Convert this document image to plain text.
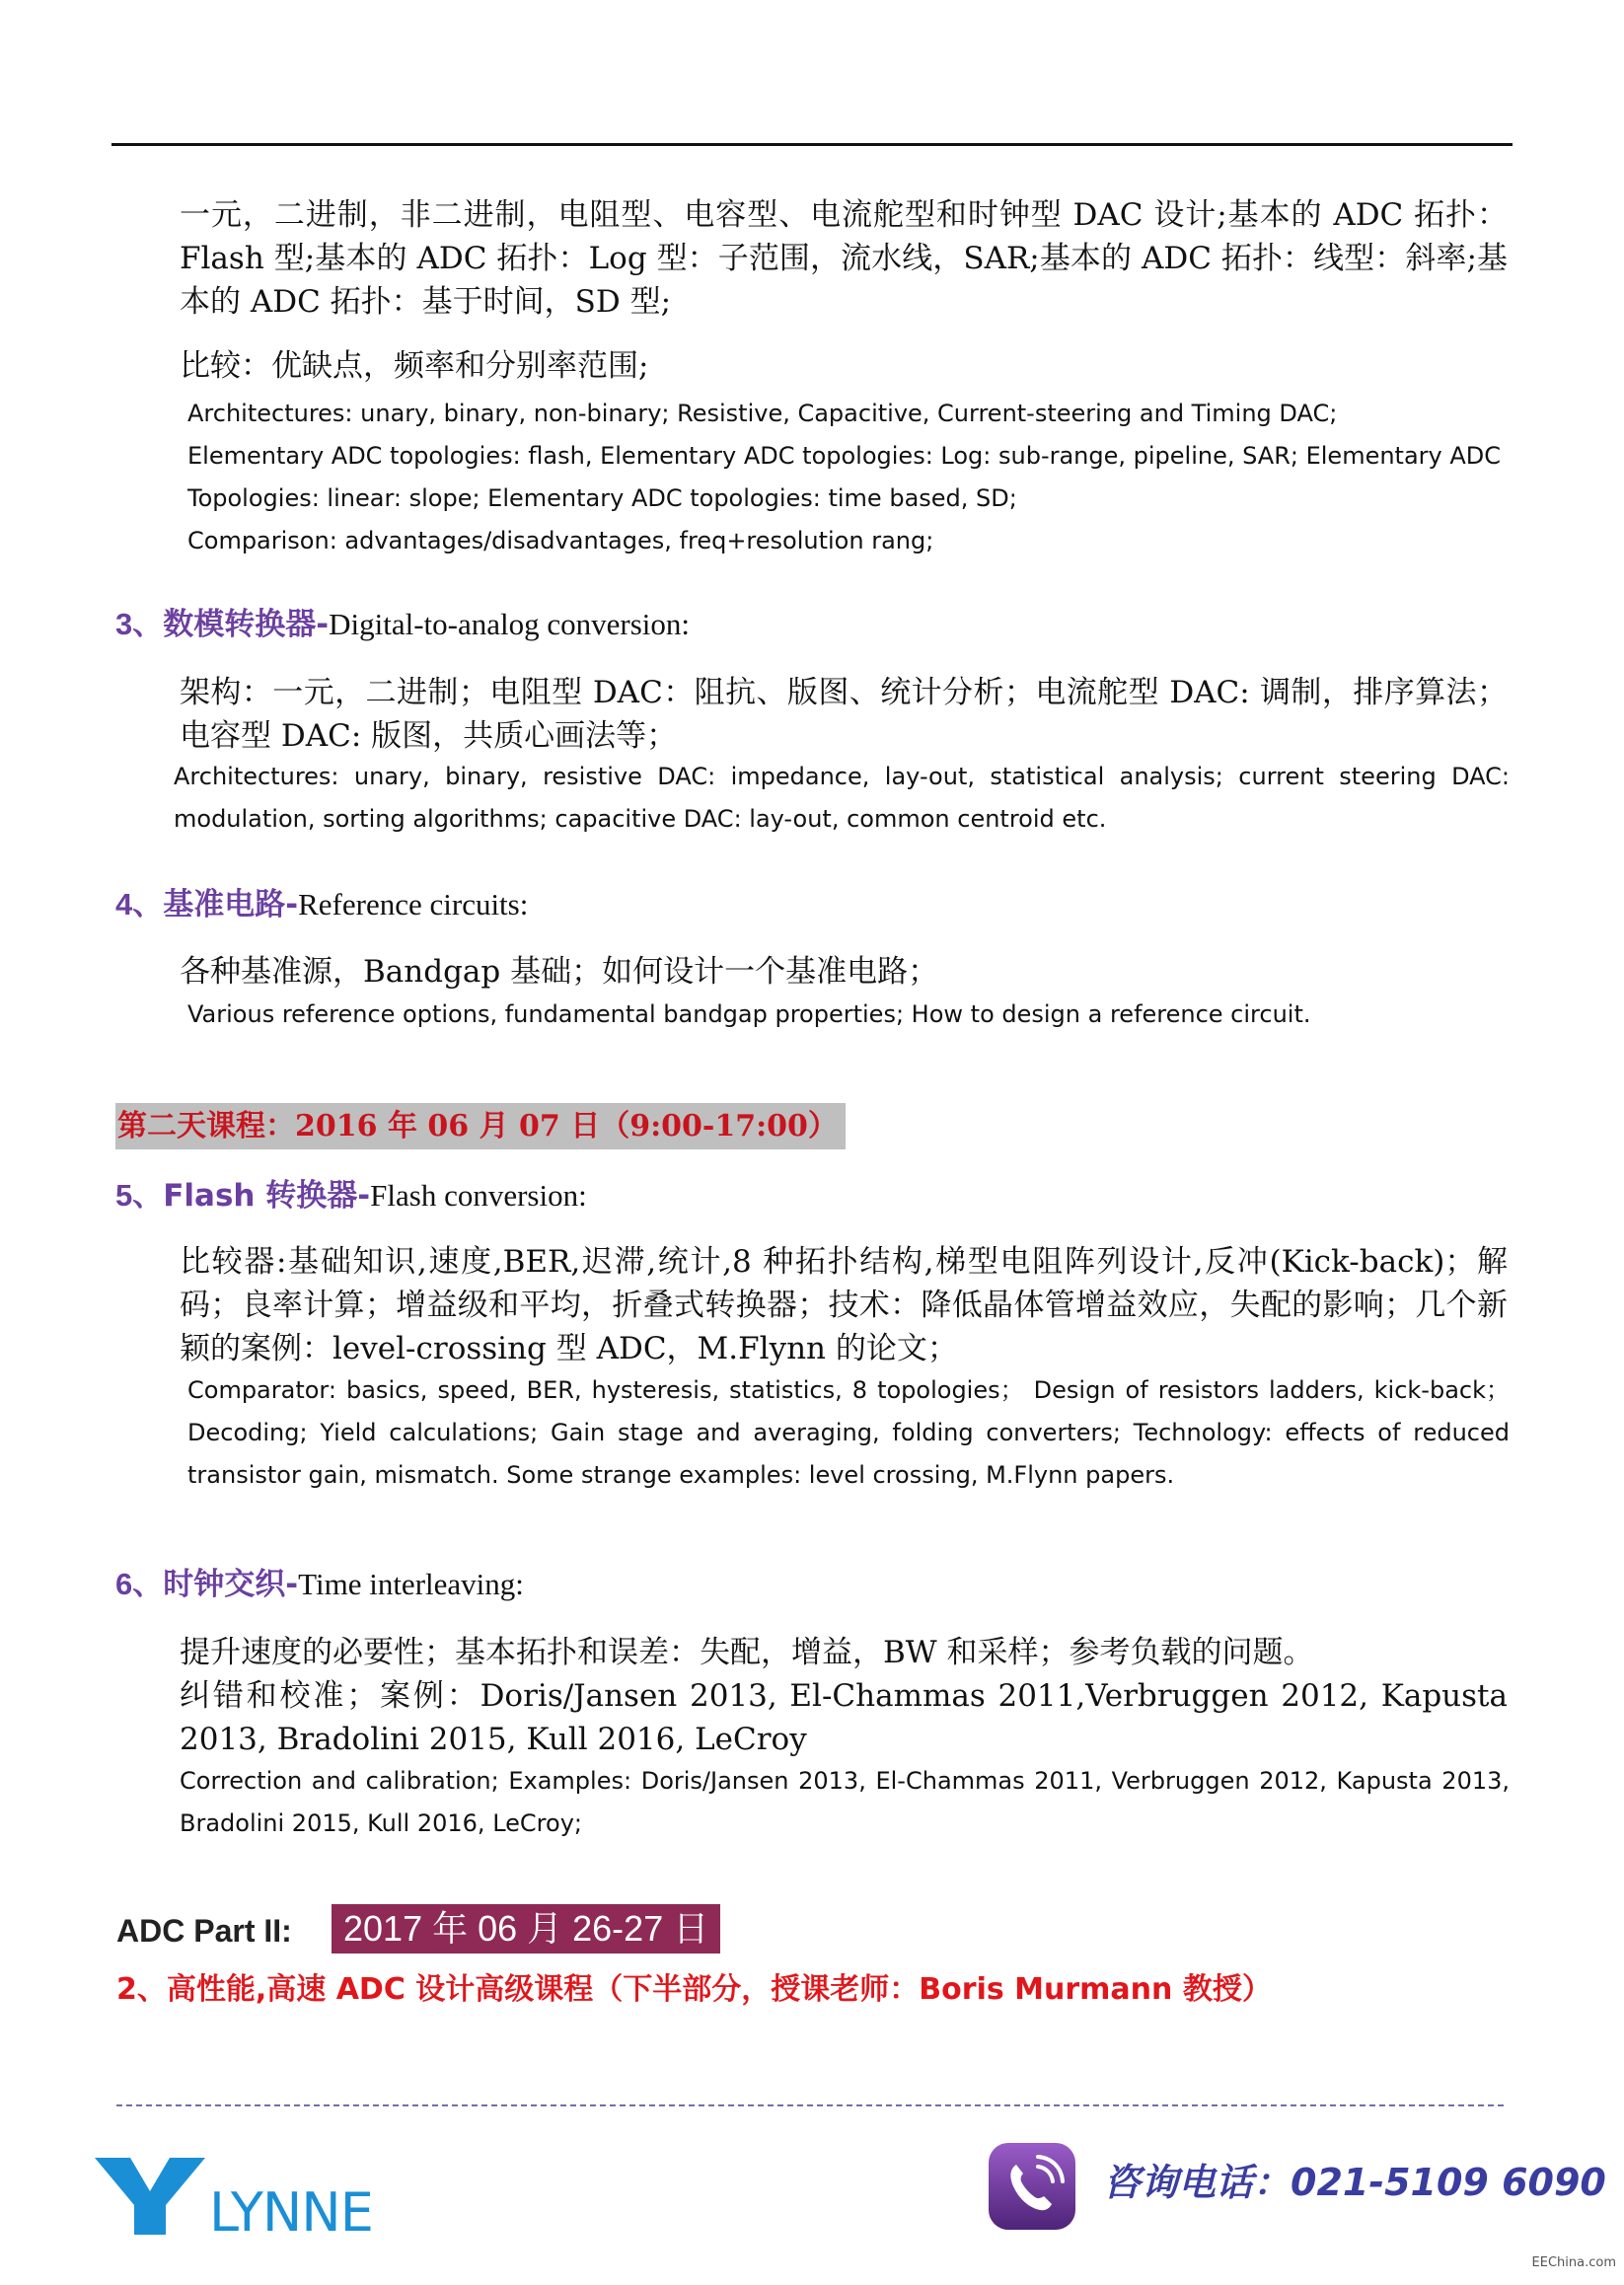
一元，二进制，非二进制，电阻型、电容型、电流舵型和时钟型 DAC 设计;基本的 ADC 拓扑：Flash 型;基本的 ADC 拓扑：Log 型：子范围，流水线，SAR;基本的 ADC 拓扑：线型：斜率;基本的 ADC 拓扑：基于时间，SD 型;
比较：优缺点，频率和分别率范围;
Architectures: unary, binary, non-binary; Resistive, Capacitive, Current-steering and Timing DAC;
Elementary ADC topologies: flash, Elementary ADC topologies: Log: sub-range, pipeline, SAR; Elementary ADC
Topologies: linear: slope; Elementary ADC topologies: time based, SD;
Comparison: advantages/disadvantages, freq+resolution rang;
3、数模转换器-Digital-to-analog conversion:
架构：一元，二进制；电阻型 DAC：阻抗、版图、统计分析；电流舵型 DAC: 调制，排序算法；电容型 DAC: 版图，共质心画法等；
Architectures: unary, binary, resistive DAC: impedance, lay-out, statistical analysis; current steering DAC: modulation, sorting algorithms; capacitive DAC: lay-out, common centroid etc.
4、基准电路-Reference circuits:
各种基准源，Bandgap 基础；如何设计一个基准电路；
Various reference options, fundamental bandgap properties; How to design a reference circuit.
第二天课程：2016 年 06 月 07 日（9:00-17:00）
5、Flash 转换器-Flash conversion:
比较器:基础知识,速度,BER,迟滞,统计,8 种拓扑结构,梯型电阻阵列设计,反冲(Kick-back)；解码；良率计算；增益级和平均，折叠式转换器；技术：降低晶体管增益效应，失配的影响；几个新颖的案例：level-crossing 型 ADC，M.Flynn 的论文；
Comparator: basics, speed, BER, hysteresis, statistics, 8 topologies； Design of resistors ladders, kick-back；Decoding; Yield calculations; Gain stage and averaging, folding converters; Technology: effects of reduced transistor gain, mismatch. Some strange examples: level crossing, M.Flynn papers.
6、时钟交织-Time interleaving:
提升速度的必要性；基本拓扑和误差：失配，增益，BW 和采样；参考负载的问题。
纠错和校准；案例：Doris/Jansen 2013, El-Chammas 2011,Verbruggen 2012, Kapusta 2013, Bradolini 2015, Kull 2016, LeCroy
Correction and calibration; Examples: Doris/Jansen 2013, El-Chammas 2011, Verbruggen 2012, Kapusta 2013, Bradolini 2015, Kull 2016, LeCroy;
ADC Part II:	2017 年 06 月 26-27 日
2、高性能,高速 ADC 设计高级课程（下半部分，授课老师：Boris Murmann 教授）
LYNNE	咨询电话：021-5109 6090
EEChina.com
